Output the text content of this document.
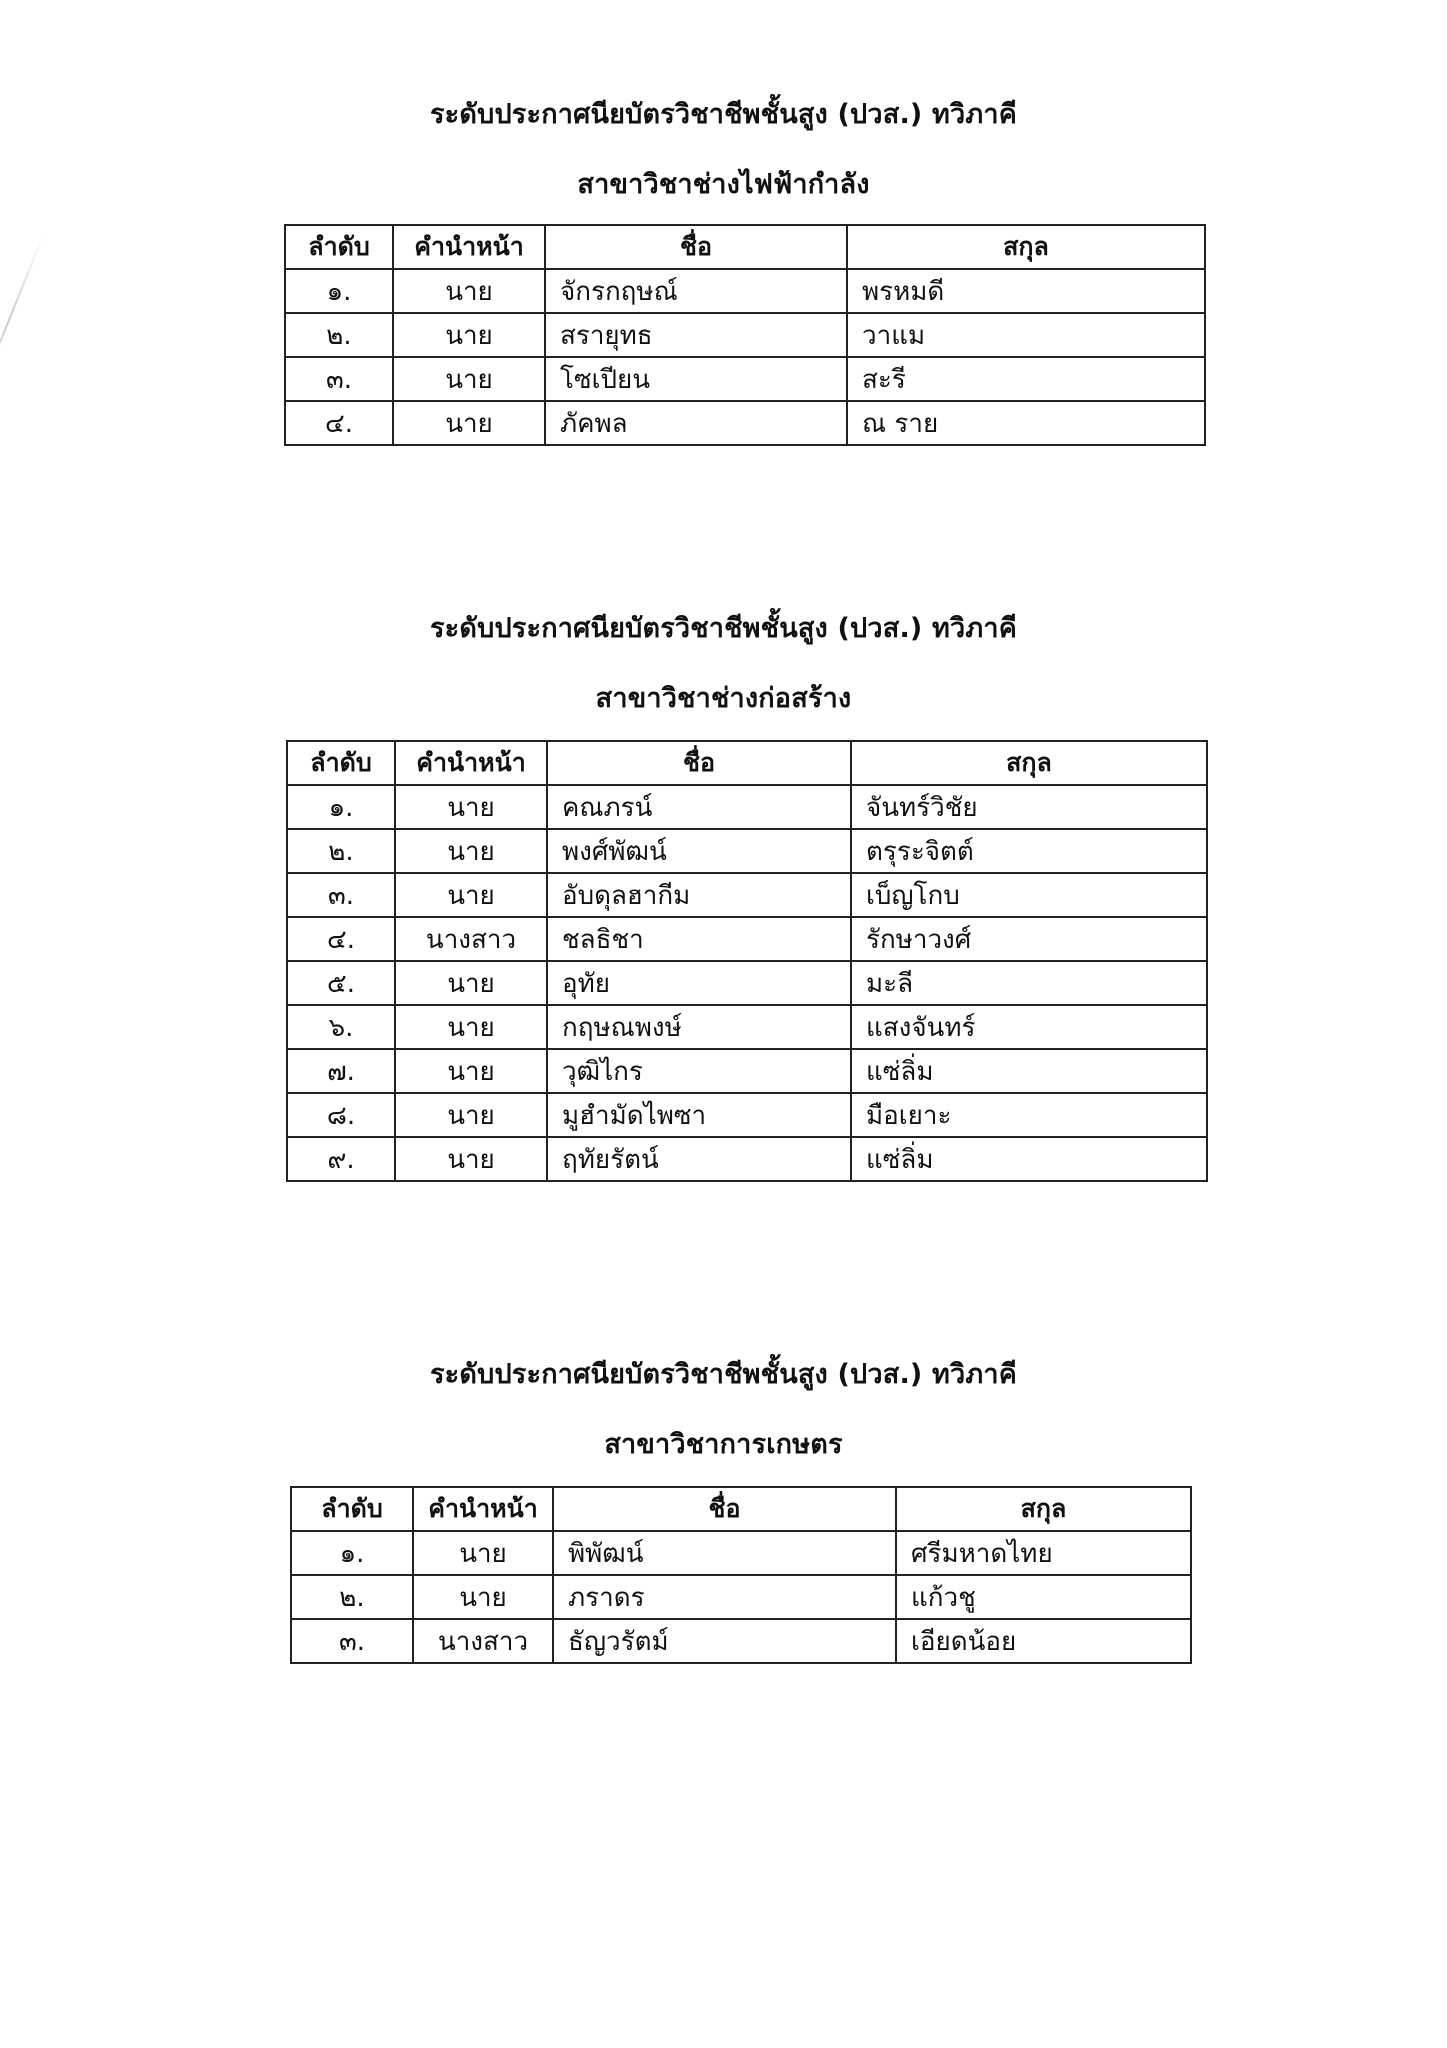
ระดับประกาศนียบัตรวิชาชีพชั้นสูง (ปวส.) ทวิภาคี
สาขาวิชาช่างไฟฟ้ากำลัง
ลำดับ	คำนำหน้า	ชื่อ	สกุล
๑.	นาย	จักรกฤษณ์	พรหมดี
๒.	นาย	สรายุทธ	วาแม
๓.	นาย	โซเปียน	สะรี
๔.	นาย	ภัคพล	ณ ราย
ระดับประกาศนียบัตรวิชาชีพชั้นสูง (ปวส.) ทวิภาคี
สาขาวิชาช่างก่อสร้าง
ลำดับ	คำนำหน้า	ชื่อ	สกุล
๑.	นาย	คณภรน์	จันทร์วิชัย
๒.	นาย	พงศ์พัฒน์	ตรุระจิตต์
๓.	นาย	อับดุลฮากีม	เบ็ญโกบ
๔.	นางสาว	ชลธิชา	รักษาวงศ์
๕.	นาย	อุทัย	มะลี
๖.	นาย	กฤษณพงษ์	แสงจันทร์
๗.	นาย	วุฒิไกร	แซ่ลิ่ม
๘.	นาย	มูฮำมัดไพซา	มือเยาะ
๙.	นาย	ฤทัยรัตน์	แซ่ลิ่ม
ระดับประกาศนียบัตรวิชาชีพชั้นสูง (ปวส.) ทวิภาคี
สาขาวิชาการเกษตร
ลำดับ	คำนำหน้า	ชื่อ	สกุล
๑.	นาย	พิพัฒน์	ศรีมหาดไทย
๒.	นาย	ภราดร	แก้วชู
๓.	นางสาว	ธัญวรัตม์	เอียดน้อย
